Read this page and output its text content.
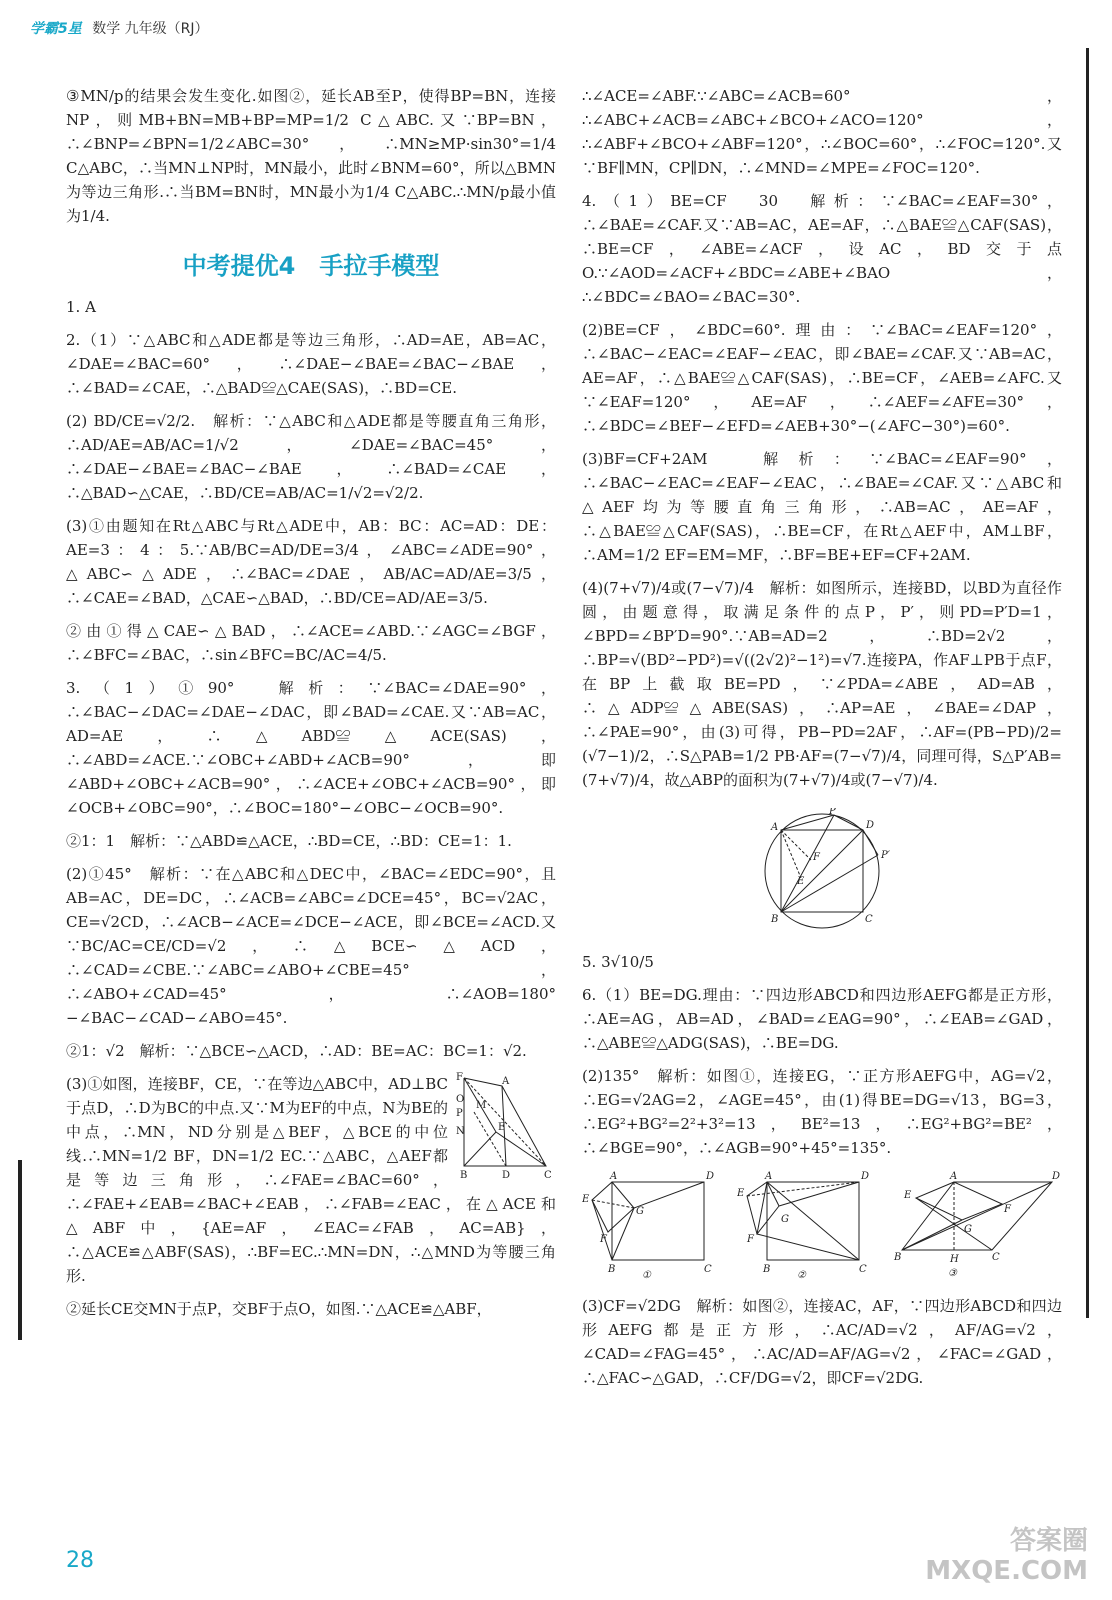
学霸5星 数学 九年级（RJ）

③MN/p的结果会发生变化.如图②，延长AB至P，使得BP=BN，连接NP，则MB+BN=MB+BP=MP=1/2 C△ABC.又∵BP=BN，∴∠BNP=∠BPN=1/2∠ABC=30°，∴MN≥MP·sin30°=1/4 C△ABC，∴当MN⊥NP时，MN最小，此时∠BNM=60°，所以△BMN为等边三角形.∴当BM=BN时，MN最小为1/4 C△ABC.∴MN/p最小值为1/4.

中考提优4　手拉手模型

1. A

2.（1）∵△ABC和△ADE都是等边三角形，∴AD=AE，AB=AC，∠DAE=∠BAC=60°，∴∠DAE−∠BAE=∠BAC−∠BAE，∴∠BAD=∠CAE，∴△BAD≌△CAE(SAS)，∴BD=CE.

(2) BD/CE=√2/2.　解析：∵△ABC和△ADE都是等腰直角三角形，∴AD/AE=AB/AC=1/√2，∠DAE=∠BAC=45°，∴∠DAE−∠BAE=∠BAC−∠BAE，∴∠BAD=∠CAE，∴△BAD∽△CAE，∴BD/CE=AB/AC=1/√2=√2/2.

(3)①由题知在Rt△ABC与Rt△ADE中，AB：BC：AC=AD：DE：AE=3：4：5.∵AB/BC=AD/DE=3/4，∠ABC=∠ADE=90°，△ABC∽△ADE，∴∠BAC=∠DAE，AB/AC=AD/AE=3/5，∴∠CAE=∠BAD，△CAE∽△BAD，∴BD/CE=AD/AE=3/5.

②由①得△CAE∽△BAD，∴∠ACE=∠ABD.∵∠AGC=∠BGF，∴∠BFC=∠BAC，∴sin∠BFC=BC/AC=4/5.

3.（1）①90°　解析：∵∠BAC=∠DAE=90°，∴∠BAC−∠DAC=∠DAE−∠DAC，即∠BAD=∠CAE.又∵AB=AC，AD=AE，∴△ABD≌△ACE(SAS)，∴∠ABD=∠ACE.∵∠OBC+∠ABD+∠ACB=90°，即∠ABD+∠OBC+∠ACB=90°，∴∠ACE+∠OBC+∠ACB=90°，即∠OCB+∠OBC=90°，∴∠BOC=180°−∠OBC−∠OCB=90°.

②1：1　解析：∵△ABD≌△ACE，∴BD=CE，∴BD：CE=1：1.

(2)①45°　解析：∵在△ABC和△DEC中，∠BAC=∠EDC=90°，且AB=AC，DE=DC，∴∠ACB=∠ABC=∠DCE=45°，BC=√2AC，CE=√2CD，∴∠ACB−∠ACE=∠DCE−∠ACE，即∠BCE=∠ACD.又∵BC/AC=CE/CD=√2，∴△BCE∽△ACD，∴∠CAD=∠CBE.∵∠ABC=∠ABO+∠CBE=45°，∴∠ABO+∠CAD=45°，∴∠AOB=180°−∠BAC−∠CAD−∠ABO=45°.

②1：√2　解析：∵△BCE∽△ACD，∴AD：BE=AC：BC=1：√2.

F	A
O
P
M
E
N
B	D	C

(3)①如图，连接BF，CE，∵在等边△ABC中，AD⊥BC于点D，∴D为BC的中点.又∵M为EF的中点，N为BE的中点，∴MN，ND分别是△BEF，△BCE的中位线.∴MN=1/2 BF，DN=1/2 EC.∵△ABC，△AEF都是等边三角形，∴∠FAE=∠BAC=60°，∴∠FAE+∠EAB=∠BAC+∠EAB，∴∠FAB=∠EAC，在△ACE和△ABF中，{AE=AF，∠EAC=∠FAB，AC=AB}，∴△ACE≌△ABF(SAS)，∴BF=EC.∴MN=DN，∴△MND为等腰三角形.

②延长CE交MN于点P，交BF于点O，如图.∵△ACE≌△ABF，

∴∠ACE=∠ABF.∵∠ABC=∠ACB=60°，∴∠ABC+∠ACB=∠ABC+∠BCO+∠ACO=120°，∴∠ABF+∠BCO+∠ABF=120°，∴∠BOC=60°，∴∠FOC=120°.又∵BF∥MN，CP∥DN，∴∠MND=∠MPE=∠FOC=120°.

4.（1）BE=CF　30　解析：∵∠BAC=∠EAF=30°，∴∠BAE=∠CAF.又∵AB=AC，AE=AF，∴△BAE≌△CAF(SAS)，∴BE=CF，∠ABE=∠ACF，设AC，BD交于点O.∵∠AOD=∠ACF+∠BDC=∠ABE+∠BAO，∴∠BDC=∠BAO=∠BAC=30°.

(2)BE=CF，∠BDC=60°.理由：∵∠BAC=∠EAF=120°，∴∠BAC−∠EAC=∠EAF−∠EAC，即∠BAE=∠CAF.又∵AB=AC，AE=AF，∴△BAE≌△CAF(SAS)，∴BE=CF，∠AEB=∠AFC.又∵∠EAF=120°，AE=AF，∴∠AEF=∠AFE=30°，∴∠BDC=∠BEF−∠EFD=∠AEB+30°−(∠AFC−30°)=60°.

(3)BF=CF+2AM　解析：∵∠BAC=∠EAF=90°，∴∠BAC−∠EAC=∠EAF−∠EAC，∴∠BAE=∠CAF.又∵△ABC和△AEF均为等腰直角三角形，∴AB=AC，AE=AF，∴△BAE≌△CAF(SAS)，∴BE=CF，在Rt△AEF中，AM⊥BF，∴AM=1/2 EF=EM=MF，∴BF=BE+EF=CF+2AM.

(4)(7+√7)/4或(7−√7)/4　解析：如图所示，连接BD，以BD为直径作圆，由题意得，取满足条件的点P，P′，则PD=P′D=1，∠BPD=∠BP′D=90°.∵AB=AD=2，∴BD=2√2，∴BP=√(BD²−PD²)=√((2√2)²−1²)=√7.连接PA，作AF⊥PB于点F，在BP上截取BE=PD，∵∠PDA=∠ABE，AD=AB，∴△ADP≌△ABE(SAS)，∴AP=AE，∠BAE=∠DAP，∴∠PAE=90°，由(3)可得，PB−PD=2AF，∴AF=(PB−PD)/2=(√7−1)/2，∴S△PAB=1/2 PB·AF=(7−√7)/4，同理可得，S△P′AB=(7+√7)/4，故△ABP的面积为(7+√7)/4或(7−√7)/4.

A
P
D
P′
F
E
B	C

5. 3√10/5

6.（1）BE=DG.理由：∵四边形ABCD和四边形AEFG都是正方形，∴AE=AG，AB=AD，∠BAD=∠EAG=90°，∴∠EAB=∠GAD，∴△ABE≌△ADG(SAS)，∴BE=DG.

(2)135°　解析：如图①，连接EG，∵正方形AEFG中，AG=√2，∴EG=√2AG=2，∠AGE=45°，由(1)得BE=DG=√13，BG=3，∴EG²+BG²=2²+3²=13，BE²=13，∴EG²+BG²=BE²，∴∠BGE=90°，∴∠AGB=90°+45°=135°.

A	D
E
G
F
B	C
①
A	D
E
G
F
B	C
②
A	D
E
G
F
B	H	C
③

(3)CF=√2DG　解析：如图②，连接AC，AF，∵四边形ABCD和四边形AEFG都是正方形，∴AC/AD=√2，AF/AG=√2，∠CAD=∠FAG=45°，∴AC/AD=AF/AG=√2，∠FAC=∠GAD，∴△FAC∽△GAD，∴CF/DG=√2，即CF=√2DG.

28
答案圈
MXQE.COM
